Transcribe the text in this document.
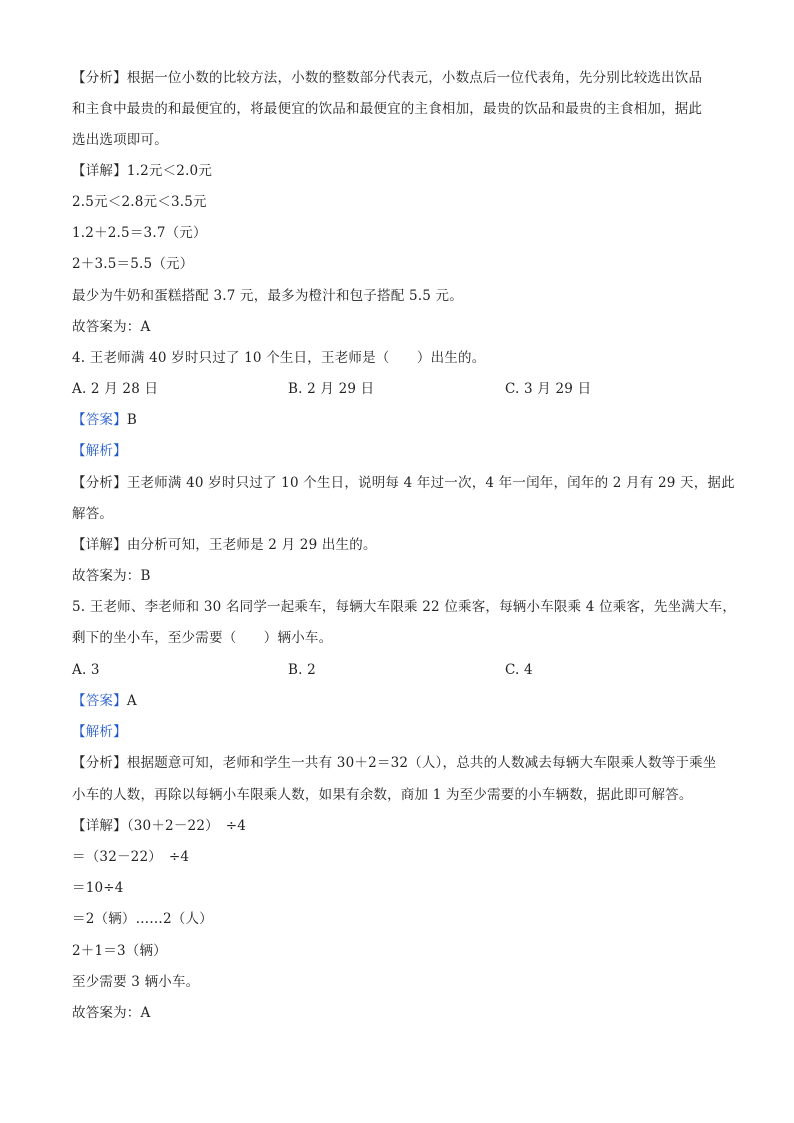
【分析】根据一位小数的比较方法，小数的整数部分代表元，小数点后一位代表角，先分别比较选出饮品
和主食中最贵的和最便宜的，将最便宜的饮品和最便宜的主食相加，最贵的饮品和最贵的主食相加，据此
选出选项即可。
【详解】1.2元＜2.0元
2.5元＜2.8元＜3.5元
1.2＋2.5＝3.7（元）
2＋3.5＝5.5（元）
最少为牛奶和蛋糕搭配 3.7 元，最多为橙汁和包子搭配 5.5 元。
故答案为：A
4. 王老师满 40 岁时只过了 10 个生日，王老师是（　　）出生的。
A. 2 月 28 日	B. 2 月 29 日	C. 3 月 29 日
【答案】B
【解析】
【分析】王老师满 40 岁时只过了 10 个生日，说明每 4 年过一次，4 年一闰年，闰年的 2 月有 29 天，据此
解答。
【详解】由分析可知，王老师是 2 月 29 出生的。
故答案为：B
5. 王老师、李老师和 30 名同学一起乘车，每辆大车限乘 22 位乘客，每辆小车限乘 4 位乘客，先坐满大车，
剩下的坐小车，至少需要（　　）辆小车。
A. 3	B. 2	C. 4
【答案】A
【解析】
【分析】根据题意可知，老师和学生一共有 30＋2＝32（人），总共的人数减去每辆大车限乘人数等于乘坐
小车的人数，再除以每辆小车限乘人数，如果有余数，商加 1 为至少需要的小车辆数，据此即可解答。
【详解】（30＋2－22）　÷4
＝（32－22）　÷4
＝10÷4
＝2（辆）……2（人）
2＋1＝3（辆）
至少需要 3 辆小车。
故答案为：A
